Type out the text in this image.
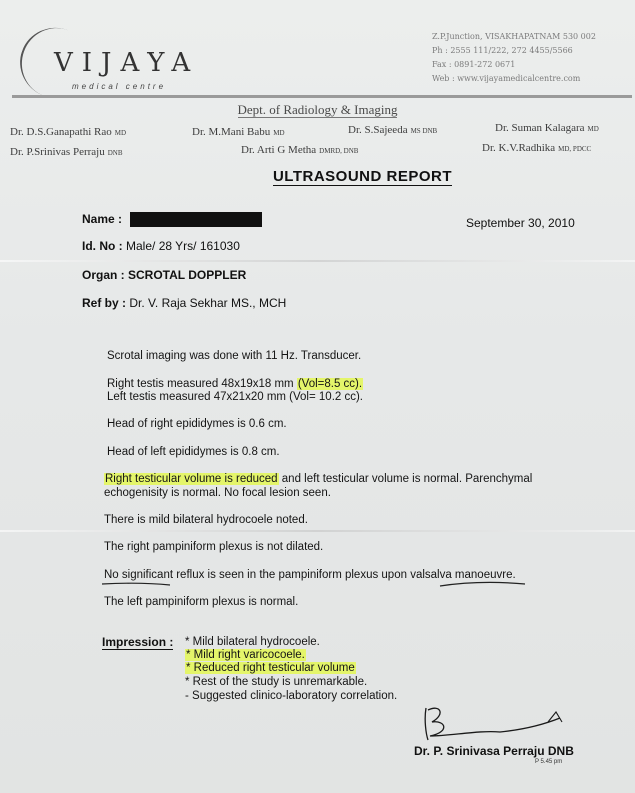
VIJAYA
medical centre
Z.P.Junction, VISAKHAPATNAM 530 002
Ph : 2555 111/222, 272 4455/5566
Fax : 0891-272 0671
Web : www.vijayamedicalcentre.com
Dept. of Radiology & Imaging
Dr. D.S.Ganapathi Rao MD	Dr. M.Mani Babu MD	Dr. S.Sajeeda MS DNB	Dr. Suman Kalagara MD
Dr. P.Srinivas Perraju DNB	Dr. Arti G Metha DMRD, DNB	Dr. K.V.Radhika MD, PDCC
ULTRASOUND REPORT
Name :	September 30, 2010
Id. No : Male/ 28 Yrs/ 161030
Organ : SCROTAL DOPPLER
Ref by : Dr. V. Raja Sekhar MS., MCH
Scrotal imaging was done with 11 Hz. Transducer.
Right testis measured 48x19x18 mm (Vol=8.5 cc).
Left testis measured 47x21x20 mm (Vol= 10.2 cc).
Head of right epididymes is 0.6 cm.
Head of left epididymes is 0.8 cm.
Right testicular volume is reduced and left testicular volume is normal. Parenchymal
echogenisity is normal. No focal lesion seen.
There is mild bilateral hydrocoele noted.
The right pampiniform plexus is not dilated.
No significant reflux is seen in the pampiniform plexus upon valsalva manoeuvre.
The left pampiniform plexus is normal.
Impression : * Mild bilateral hydrocoele.
* Mild right varicocoele.
* Reduced right testicular volume
* Rest of the study is unremarkable.
- Suggested clinico-laboratory correlation.
Dr. P. Srinivasa Perraju DNB
P 5.45 pm
